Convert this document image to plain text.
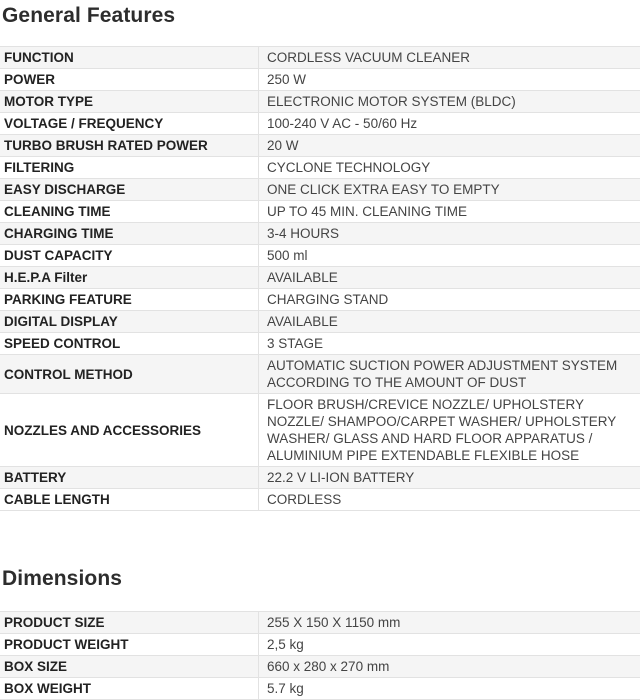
General Features
FUNCTION	CORDLESS VACUUM CLEANER
POWER	250 W
MOTOR TYPE	ELECTRONIC MOTOR SYSTEM (BLDC)
VOLTAGE / FREQUENCY	100-240 V AC - 50/60 Hz
TURBO BRUSH RATED POWER	20 W
FILTERING	CYCLONE TECHNOLOGY
EASY DISCHARGE	ONE CLICK EXTRA EASY TO EMPTY
CLEANING TIME	UP TO 45 MIN. CLEANING TIME
CHARGING TIME	3-4 HOURS
DUST CAPACITY	500 ml
H.E.P.A Filter	AVAILABLE
PARKING FEATURE	CHARGING STAND
DIGITAL DISPLAY	AVAILABLE
SPEED CONTROL	3 STAGE
CONTROL METHOD	AUTOMATIC SUCTION POWER ADJUSTMENT SYSTEM ACCORDING TO THE AMOUNT OF DUST
NOZZLES AND ACCESSORIES	FLOOR BRUSH/CREVICE NOZZLE/ UPHOLSTERY NOZZLE/ SHAMPOO/CARPET WASHER/ UPHOLSTERY WASHER/ GLASS AND HARD FLOOR APPARATUS / ALUMINIUM PIPE EXTENDABLE FLEXIBLE HOSE
BATTERY	22.2 V LI-ION BATTERY
CABLE LENGTH	CORDLESS
Dimensions
PRODUCT SIZE	255 X 150 X 1150 mm
PRODUCT WEIGHT	2,5 kg
BOX SIZE	660 x 280 x 270 mm
BOX WEIGHT	5.7 kg
